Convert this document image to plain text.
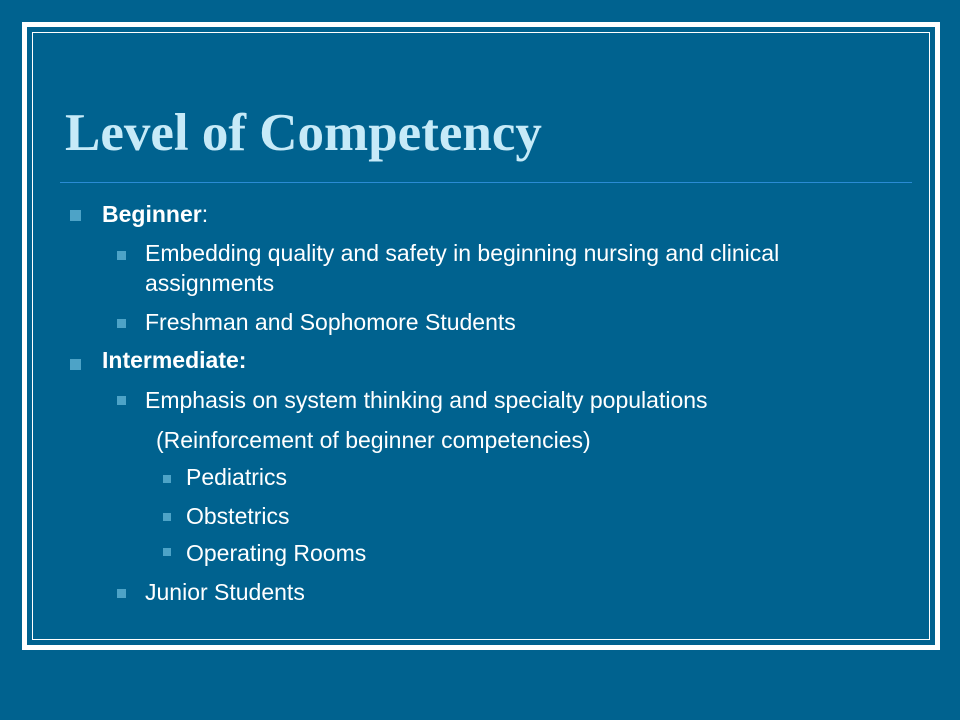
Level of Competency
Beginner:
Embedding quality and safety in beginning nursing and clinical assignments
Freshman and Sophomore Students
Intermediate:
Emphasis on system thinking and specialty populations
(Reinforcement of beginner competencies)
Pediatrics
Obstetrics
Operating Rooms
Junior Students
